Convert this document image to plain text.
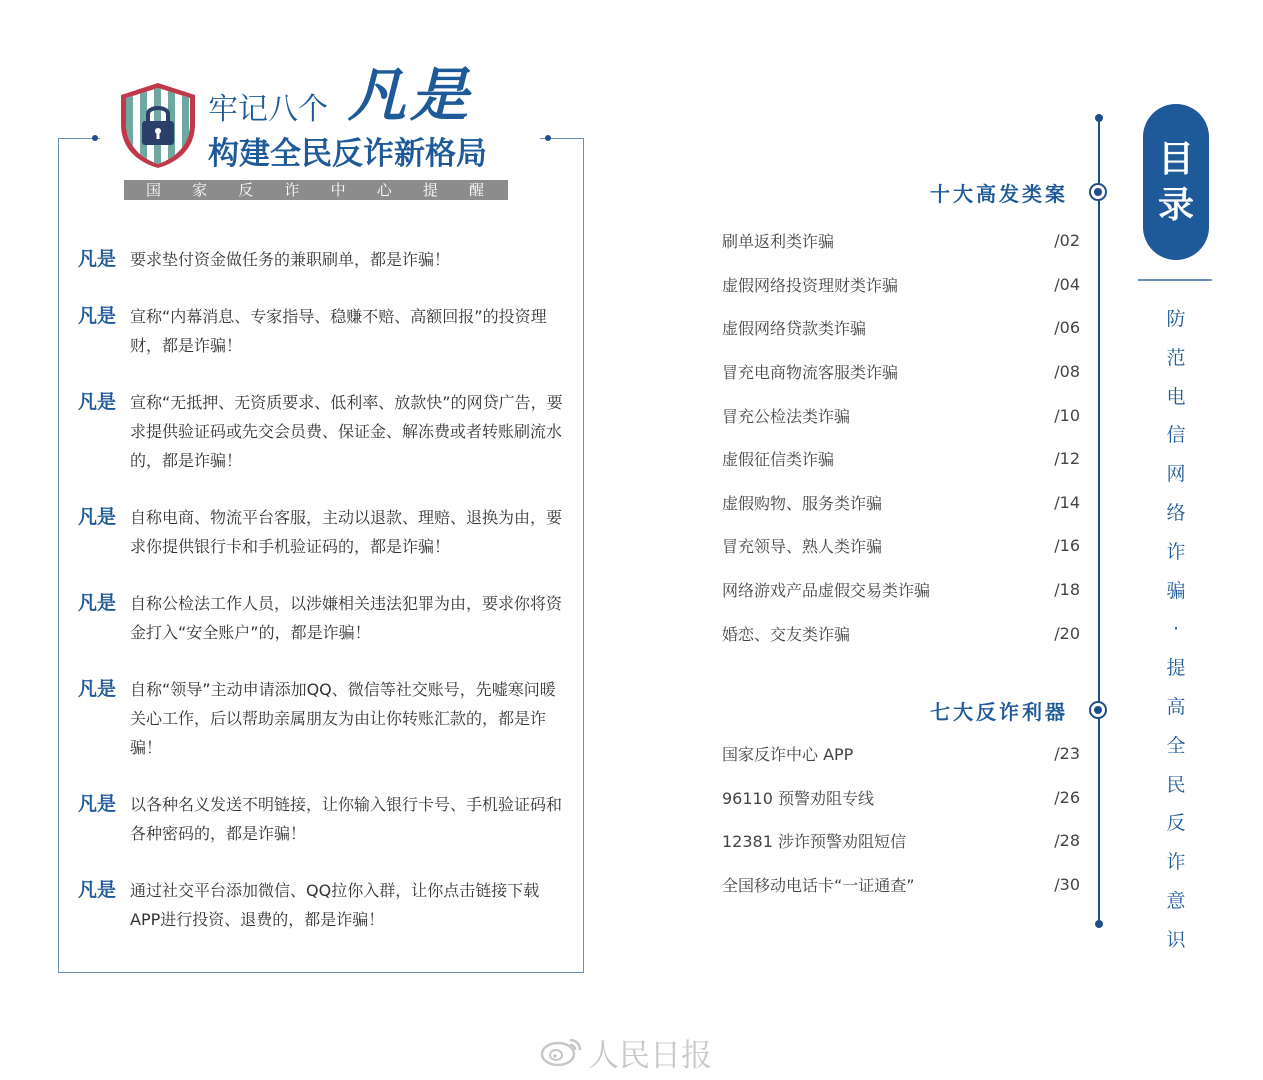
牢记八个 凡是
构建全民反诈新格局
国家反诈中心提醒
凡是 要求垫付资金做任务的兼职刷单，都是诈骗！
凡是 宣称“内幕消息、专家指导、稳赚不赔、高额回报”的投资理财，都是诈骗！
凡是 宣称“无抵押、无资质要求、低利率、放款快”的网贷广告，要求提供验证码或先交会员费、保证金、解冻费或者转账刷流水的，都是诈骗！
凡是 自称电商、物流平台客服，主动以退款、理赔、退换为由，要求你提供银行卡和手机验证码的，都是诈骗！
凡是 自称公检法工作人员，以涉嫌相关违法犯罪为由，要求你将资金打入“安全账户”的，都是诈骗！
凡是 自称“领导”主动申请添加QQ、微信等社交账号，先嘘寒问暖关心工作，后以帮助亲属朋友为由让你转账汇款的，都是诈骗！
凡是 以各种名义发送不明链接，让你输入银行卡号、手机验证码和各种密码的，都是诈骗！
凡是 通过社交平台添加微信、QQ拉你入群，让你点击链接下载APP进行投资、退费的，都是诈骗！
十大高发类案
刷单返利类诈骗	/02
虚假网络投资理财类诈骗	/04
虚假网络贷款类诈骗	/06
冒充电商物流客服类诈骗	/08
冒充公检法类诈骗	/10
虚假征信类诈骗	/12
虚假购物、服务类诈骗	/14
冒充领导、熟人类诈骗	/16
网络游戏产品虚假交易类诈骗	/18
婚恋、交友类诈骗	/20
七大反诈利器
国家反诈中心 APP	/23
96110 预警劝阻专线	/26
12381 涉诈预警劝阻短信	/28
全国移动电话卡“一证通查”	/30
目
录
防
范
电
信
网
络
诈
骗
·
提
高
全
民
反
诈
意
识
人民日报
